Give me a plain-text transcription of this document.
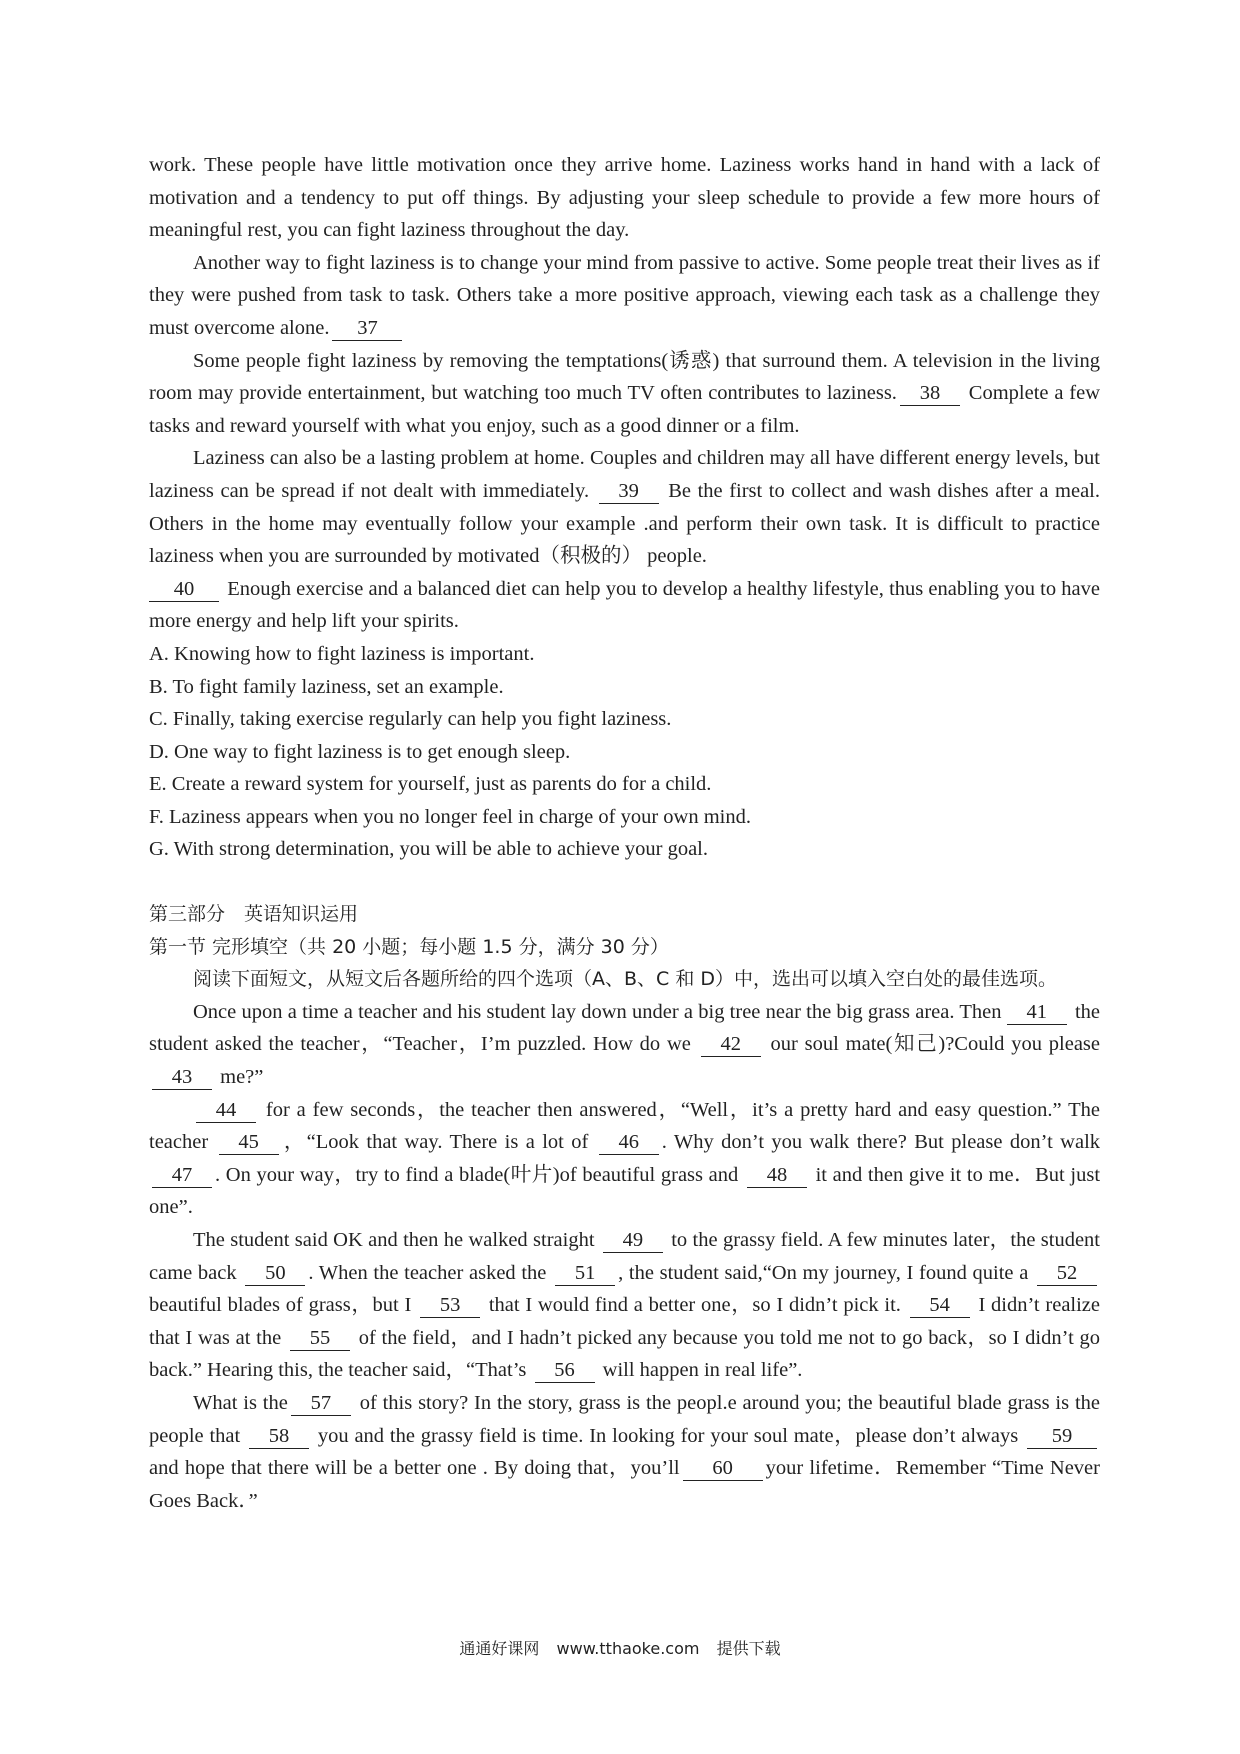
work. These people have little motivation once they arrive home. Laziness works hand in hand with a lack of motivation and a tendency to put off things. By adjusting your sleep schedule to provide a few more hours of meaningful rest, you can fight laziness throughout the day.

Another way to fight laziness is to change your mind from passive to active. Some people treat their lives as if they were pushed from task to task. Others take a more positive approach, viewing each task as a challenge they must overcome alone. 37

Some people fight laziness by removing the temptations(诱惑) that surround them. A television in the living room may provide entertainment, but watching too much TV often contributes to laziness. 38 Complete a few tasks and reward yourself with what you enjoy, such as a good dinner or a film.

Laziness can also be a lasting problem at home. Couples and children may all have different energy levels, but laziness can be spread if not dealt with immediately. 39 Be the first to collect and wash dishes after a meal. Others in the home may eventually follow your example .and perform their own task. It is difficult to practice laziness when you are surrounded by motivated（积极的） people.

40 Enough exercise and a balanced diet can help you to develop a healthy lifestyle, thus enabling you to have more energy and help lift your spirits.

A. Knowing how to fight laziness is important.

B. To fight family laziness, set an example.

C. Finally, taking exercise regularly can help you fight laziness.

D. One way to fight laziness is to get enough sleep.

E. Create a reward system for yourself, just as parents do for a child.

F. Laziness appears when you no longer feel in charge of your own mind.

G. With strong determination, you will be able to achieve your goal.

第三部分　英语知识运用

第一节 完形填空（共 20 小题；每小题 1.5 分，满分 30 分）

阅读下面短文，从短文后各题所给的四个选项（A、B、C 和 D）中，选出可以填入空白处的最佳选项。

Once upon a time a teacher and his student lay down under a big tree near the big grass area. Then 41 the student asked the teacher，“Teacher，I’m puzzled. How do we 42 our soul mate(知己)?Could you please 43 me?”

44 for a few seconds，the teacher then answered，“Well，it’s a pretty hard and easy question.” The teacher 45 ，“Look that way. There is a lot of 46 . Why don’t you walk there? But please don’t walk 47 . On your way，try to find a blade(叶片)of beautiful grass and 48 it and then give it to me．But just one”.

The student said OK and then he walked straight 49 to the grassy field. A few minutes later，the student came back 50 . When the teacher asked the 51 , the student said,“On my journey, I found quite a 52 beautiful blades of grass，but I 53 that I would find a better one，so I didn’t pick it. 54 I didn’t realize that I was at the 55 of the field，and I hadn’t picked any because you told me not to go back，so I didn’t go back.” Hearing this, the teacher said，“That’s 56 will happen in real life”.

What is the 57 of this story? In the story, grass is the peopl.e around you; the beautiful blade grass is the people that 58 you and the grassy field is time. In looking for your soul mate，please don’t always 59 and hope that there will be a better one . By doing that，you’ll 60 your lifetime．Remember “Time Never Goes Back．”

通通好课网 www.tthaoke.com 提供下载
